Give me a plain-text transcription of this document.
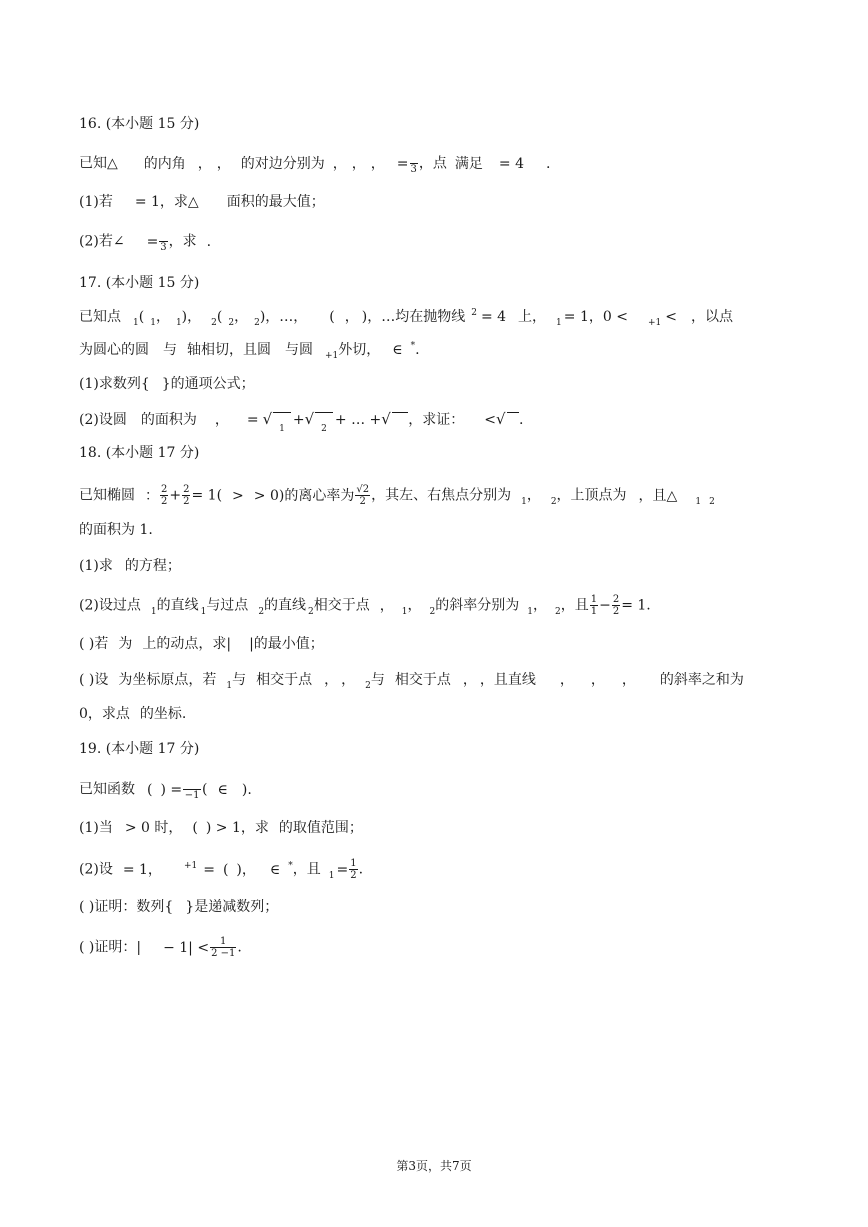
16. (本小题 15 分)
已知△ 的内角 ， ， 的对边分别为 ， ， ， =
3 ，点 满足 = 4 .
(1)若 = 1，求△ 面积的最大值；
(2)若∠ =
3 ，求 .
17. (本小题 15 分)
已知点 $_1$( $_1$， $_1$)， $_2$( $_2$， $_2$)，…， ( ， )，…均在抛物线 $^2$ = 4 上， $_1$ = 1，0 < $_{+1}$ < ，以点
为圆心的圆 与 轴相切，且圆 与圆 $_{+1}$外切， ∈ *.
(1)求数列{ }的通项公式；
(2)设圆 的面积为 ， = $√_1+√_2+$ … +√ ，求证： <√ .
18. (本小题 17 分)
已知椭圆 ： $\frac{2}{2} + \frac{2}{2} = 1$( > > 0)的离心率为 $\frac{√2}{2}$ ，其左、右焦点分别为 $_1$， $_2$，上顶点为 ，且△ $_1$ $_2$
的面积为 1.
(1)求 的方程；
(2)设过点 $_1$的直线 $_1$与过点 $_2$的直线 $_2$相交于点 ， $_1$， $_2$的斜率分别为 $_1$， $_2$，且 $\frac{1}{1} - \frac{2}{2} = 1$.
( )若 为 上的动点，求| |的最小值；
( )设 为坐标原点，若 $_1$与 相交于点 ， ， $_2$与 相交于点 ， ，且直线 ， ， ， 的斜率之和为
0，求点 的坐标.
19. (本小题 17 分)
已知函数 ( ) =
−1 ( ∈ ).
(1)当 > 0 时， ( ) > 1，求 的取值范围；
(2)设 = 1， $^{+1}$ = ( )， ∈ *，且 $_1 = \frac{1}{2}$ .
( )证明：数列{ }是递减数列；
( )证明：| − $1| < \frac{1}{2 -1}$ .
第3页，共7页
